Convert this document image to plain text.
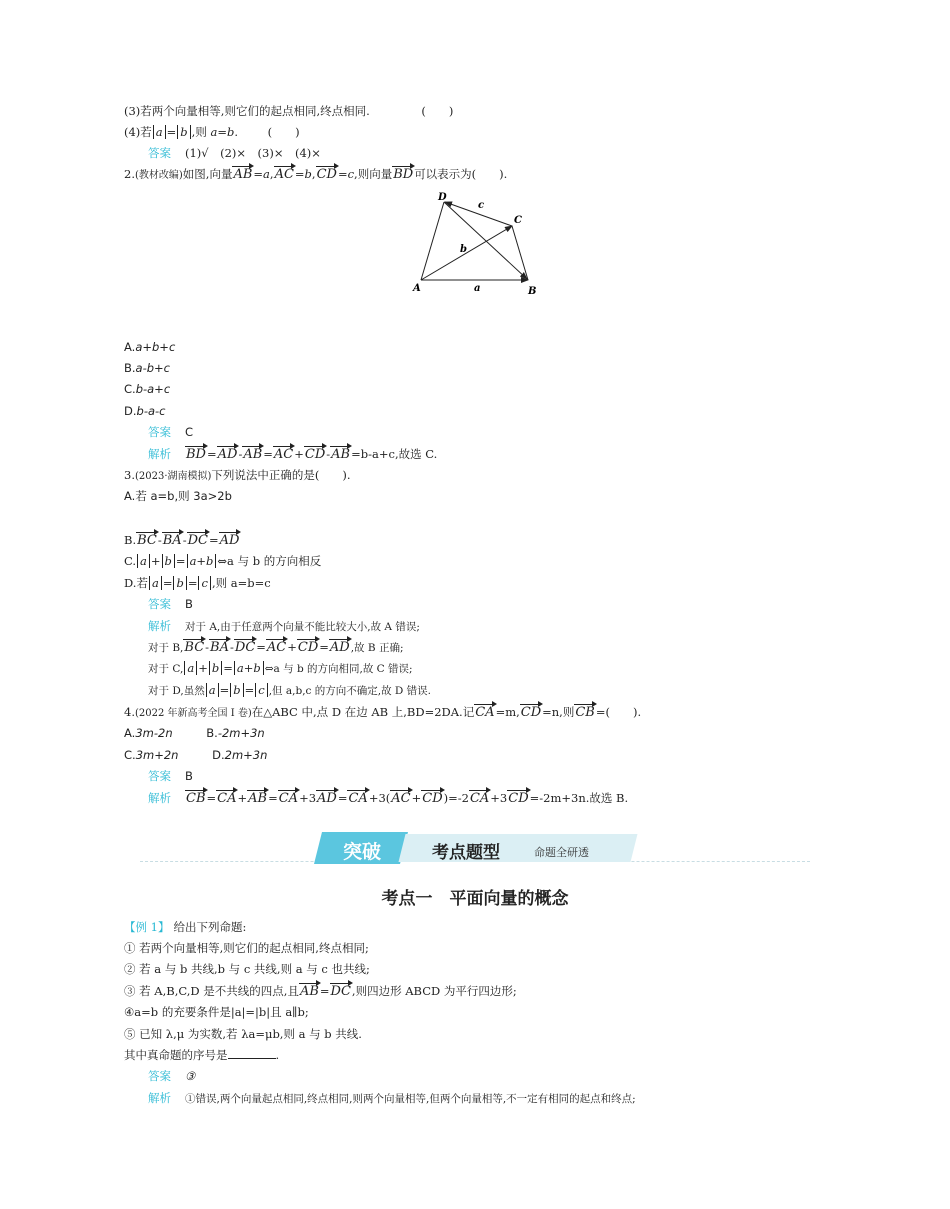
(3)若两个向量相等,则它们的起点相同,终点相同.	(　　)
(4)若 a = b ,则 a=b.	(　　)
答案 (1)√　(2)×　(3)×　(4)×
2.(教材改编)如图,向量AB=a,AC=b,CD=c,则向量BD可以表示为(　　).
D
C
A	B
a
b
c
A.a+b+c
B.a-b+c
C.b-a+c
D.b-a-c
答案 C
解析 BD=AD-AB=AC+CD-AB=b-a+c,故选 C.
3.(2023·湖南模拟)下列说法中正确的是(　　).
A.若 a=b,则 3a>2b
B.BC-BA-DC=AD
C. a + b = a+b ⇔a 与 b 的方向相反
D.若 a = b = c ,则 a=b=c
答案 B
解析 对于 A,由于任意两个向量不能比较大小,故 A 错误;
对于 B,BC-BA-DC=AC+CD=AD,故 B 正确;
对于 C, a + b = a+b ⇔a 与 b 的方向相同,故 C 错误;
对于 D,虽然 a = b = c ,但 a,b,c 的方向不确定,故 D 错误.
4.(2022 年新高考全国 Ⅰ 卷)在△ABC 中,点 D 在边 AB 上,BD=2DA.记CA=m,CD=n,则CB=(　　).
A.3m-2n	B.-2m+3n
C.3m+2n	D.2m+3n
答案 B
解析 CB=CA+AB=CA+3AD=CA+3(AC+CD)=-2CA+3CD=-2m+3n.故选 B.
突破	考点题型	命题全研透
考点一　平面向量的概念
【例 1】 给出下列命题:
① 若两个向量相等,则它们的起点相同,终点相同;
② 若 a 与 b 共线,b 与 c 共线,则 a 与 c 也共线;
③ 若 A,B,C,D 是不共线的四点,且AB=DC,则四边形 ABCD 为平行四边形;
④a=b 的充要条件是|a|=|b|且 a∥b;
⑤ 已知 λ,μ 为实数,若 λa=μb,则 a 与 b 共线.
其中真命题的序号是	.
答案 ③
解析 ①错误,两个向量起点相同,终点相同,则两个向量相等,但两个向量相等,不一定有相同的起点和终点;
